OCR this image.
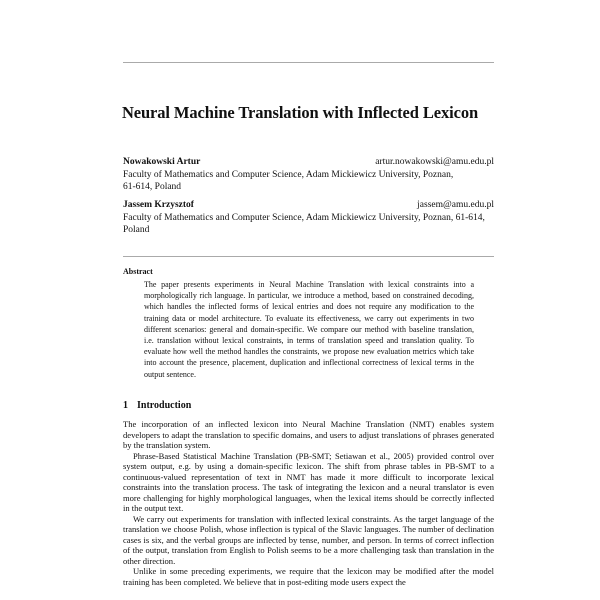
Neural Machine Translation with Inflected Lexicon
Nowakowski Artur	artur.nowakowski@amu.edu.pl
Faculty of Mathematics and Computer Science, Adam Mickiewicz University, Poznan,
61-614, Poland
Jassem Krzysztof	jassem@amu.edu.pl
Faculty of Mathematics and Computer Science, Adam Mickiewicz University, Poznan, 61-614,
Poland
Abstract
The paper presents experiments in Neural Machine Translation with lexical constraints into a morphologically rich language. In particular, we introduce a method, based on constrained decoding, which handles the inflected forms of lexical entries and does not require any modification to the training data or model architecture. To evaluate its effectiveness, we carry out experiments in two different scenarios: general and domain-specific. We compare our method with baseline translation, i.e. translation without lexical constraints, in terms of translation speed and translation quality. To evaluate how well the method handles the constraints, we propose new evaluation metrics which take into account the presence, placement, duplication and inflectional correctness of lexical terms in the output sentence.
1 Introduction

The incorporation of an inflected lexicon into Neural Machine Translation (NMT) enables system developers to adapt the translation to specific domains, and users to adjust translations of phrases generated by the translation system.

Phrase-Based Statistical Machine Translation (PB-SMT; Setiawan et al., 2005) provided control over system output, e.g. by using a domain-specific lexicon. The shift from phrase tables in PB-SMT to a continuous-valued representation of text in NMT has made it more difficult to incorporate lexical constraints into the translation process. The task of integrating the lexicon and a neural translator is even more challenging for highly morphological languages, when the lexical items should be correctly inflected in the output text.

We carry out experiments for translation with inflected lexical constraints. As the target language of the translation we choose Polish, whose inflection is typical of the Slavic languages. The number of declination cases is six, and the verbal groups are inflected by tense, number, and person. In terms of correct inflection of the output, translation from English to Polish seems to be a more challenging task than translation in the other direction.

Unlike in some preceding experiments, we require that the lexicon may be modified after the model training has been completed. We believe that in post-editing mode users expect the
